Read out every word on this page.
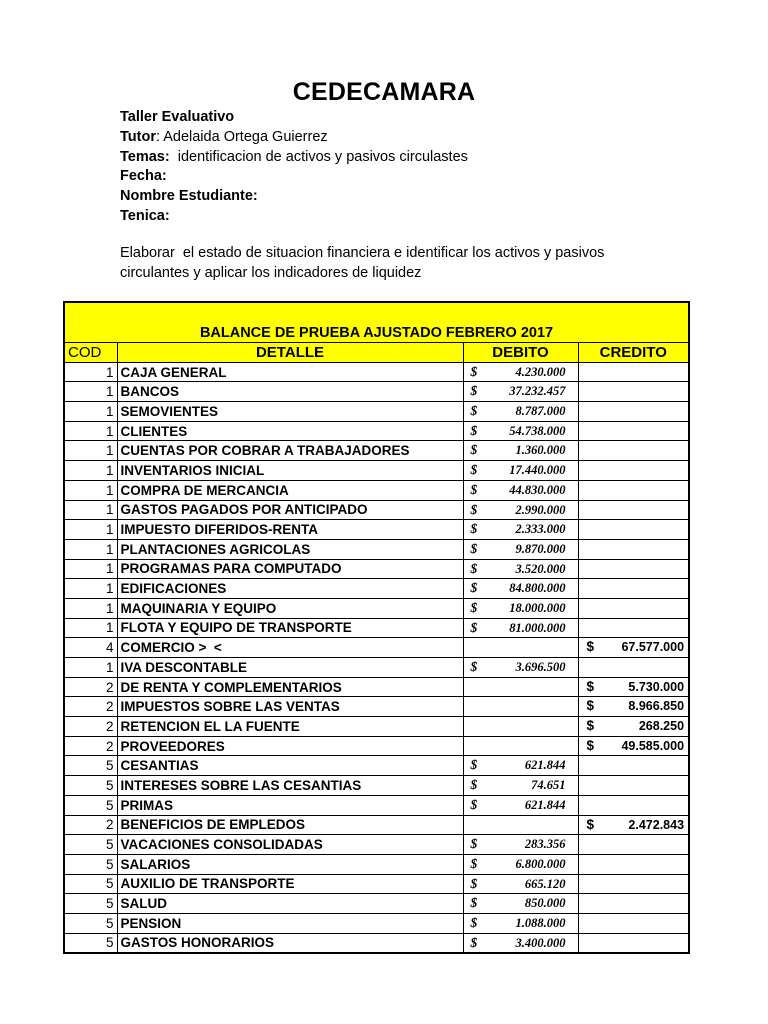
CEDECAMARA
Taller Evaluativo
Tutor: Adelaida Ortega Guierrez
Temas:  identificacion de activos y pasivos circulastes
Fecha:
Nombre Estudiante:
Tenica:
Elaborar  el estado de situacion financiera e identificar los activos y pasivos circulantes y aplicar los indicadores de liquidez
BALANCE DE PRUEBA AJUSTADO FEBRERO 2017			
COD	DETALLE	DEBITO	CREDITO
1	CAJA GENERAL	$ 4.230.000	

1	BANCOS	$ 37.232.457	

1	SEMOVIENTES	$ 8.787.000	

1	CLIENTES	$ 54.738.000	

1	CUENTAS POR COBRAR A TRABAJADORES	$ 1.360.000	

1	INVENTARIOS INICIAL	$ 17.440.000	

1	COMPRA DE MERCANCIA	$ 44.830.000	

1	GASTOS PAGADOS POR ANTICIPADO	$ 2.990.000	

1	IMPUESTO DIFERIDOS-RENTA	$ 2.333.000	

1	PLANTACIONES AGRICOLAS	$ 9.870.000	

1	PROGRAMAS PARA COMPUTADO	$ 3.520.000	

1	EDIFICACIONES	$ 84.800.000	

1	MAQUINARIA Y EQUIPO	$ 18.000.000	

1	FLOTA Y EQUIPO DE TRANSPORTE	$ 81.000.000	

4	COMERCIO >  <		$ 67.577.000

1	IVA DESCONTABLE	$ 3.696.500	

2	DE RENTA Y COMPLEMENTARIOS		$ 5.730.000

2	IMPUESTOS SOBRE LAS VENTAS		$ 8.966.850

2	RETENCION EL LA FUENTE		$ 268.250

2	PROVEEDORES		$ 49.585.000

5	CESANTIAS	$ 621.844	

5	INTERESES SOBRE LAS CESANTIAS	$ 74.651	

5	PRIMAS	$ 621.844	

2	BENEFICIOS DE EMPLEDOS		$ 2.472.843

5	VACACIONES CONSOLIDADAS	$ 283.356	

5	SALARIOS	$ 6.800.000	

5	AUXILIO DE TRANSPORTE	$ 665.120	

5	SALUD	$ 850.000	

5	PENSION	$ 1.088.000	

5	GASTOS HONORARIOS	$ 3.400.000	
